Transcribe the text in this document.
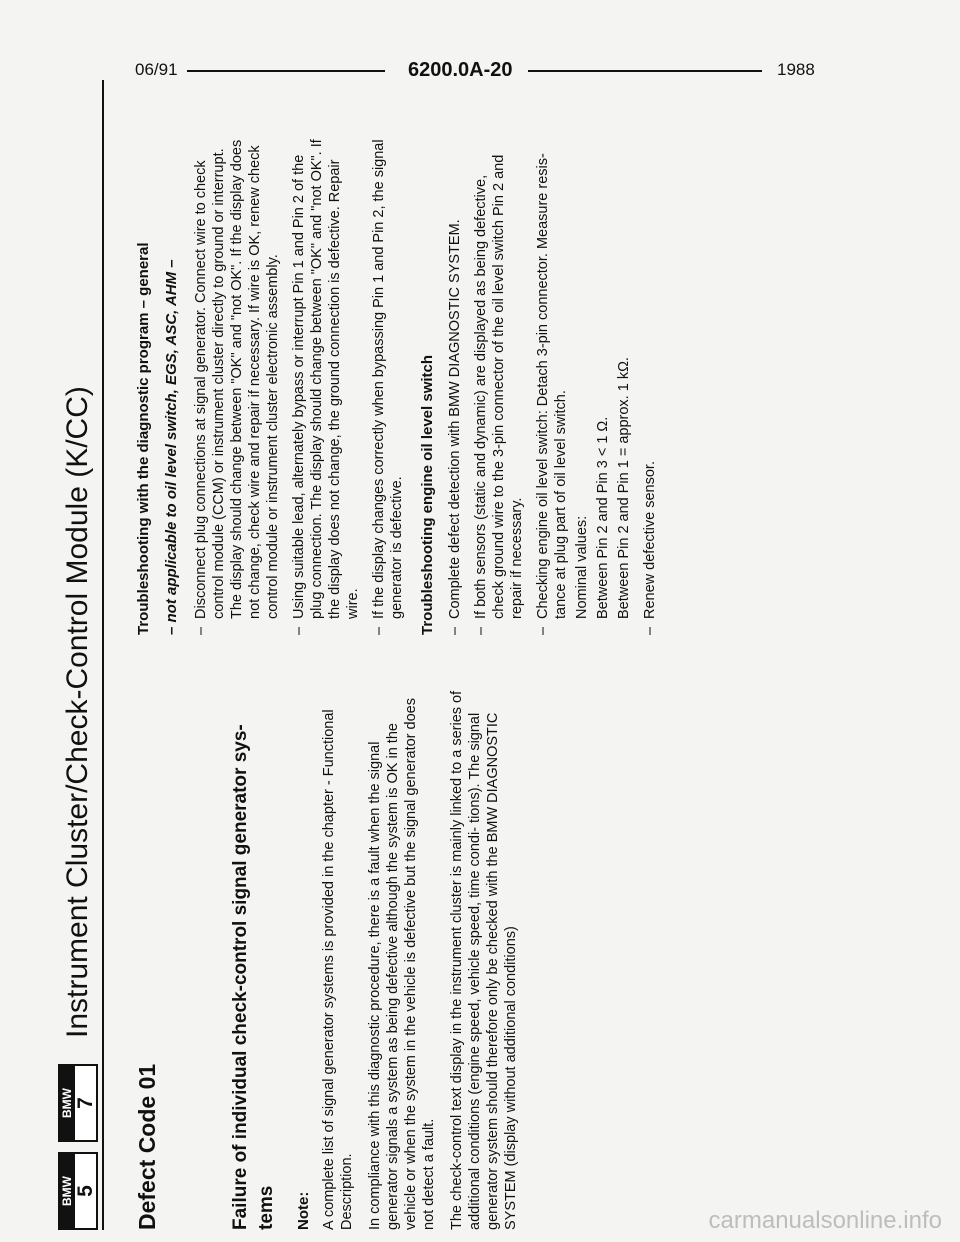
06/91	6200.0A-20	1988
BMW 5
BMW 7
Instrument Cluster/Check-Control Module (K/CC)
Defect Code 01	Failure of individual check-control signal generator sys- tems Note: A complete list of signal generator systems is provided in the chapter - Functional Description. In compliance with this diagnostic procedure, there is a fault when the signal generator signals a system as being defective although the system is OK in the vehicle or when the system in the vehicle is defective but the signal generator does not detect a fault. The check-control text display in the instrument cluster is mainly linked to a series of additional conditions (engine speed, vehicle speed, time condi- tions). The signal generator system should therefore only be checked with the BMW DIAGNOSTIC SYSTEM (display without additional conditions)

Troubleshooting with the diagnostic program – general – not applicable to oil level switch, EGS, ASC, AHM – – Disconnect plug connections at signal generator. Connect wire to check control module (CCM) or instrument cluster directly to ground or interrupt. The display should change between "OK" and "not OK". If the display does not change, check wire and repair if necessary. If wire is OK, renew check control module or instrument cluster electronic assembly. – Using suitable lead, alternately bypass or interrupt Pin 1 and Pin 2 of the plug connection. The display should change between "OK" and "not OK". If the display does not change, the ground connection is defective. Repair wire. – If the display changes correctly when bypassing Pin 1 and Pin 2, the signal generator is defective. Troubleshooting engine oil level switch – Complete defect detection with BMW DIAGNOSTIC SYSTEM. – If both sensors (static and dynamic) are displayed as being defective, check ground wire to the 3-pin connector of the oil level switch Pin 2 and repair if necessary. – Checking engine oil level switch: Detach 3-pin connector. Measure resis- tance at plug part of oil level switch. Nominal values: Between Pin 2 and Pin 3 < 1 Ω. Between Pin 2 and Pin 1 = approx. 1 kΩ. – Renew defective sensor.
carmanualsonline.info
